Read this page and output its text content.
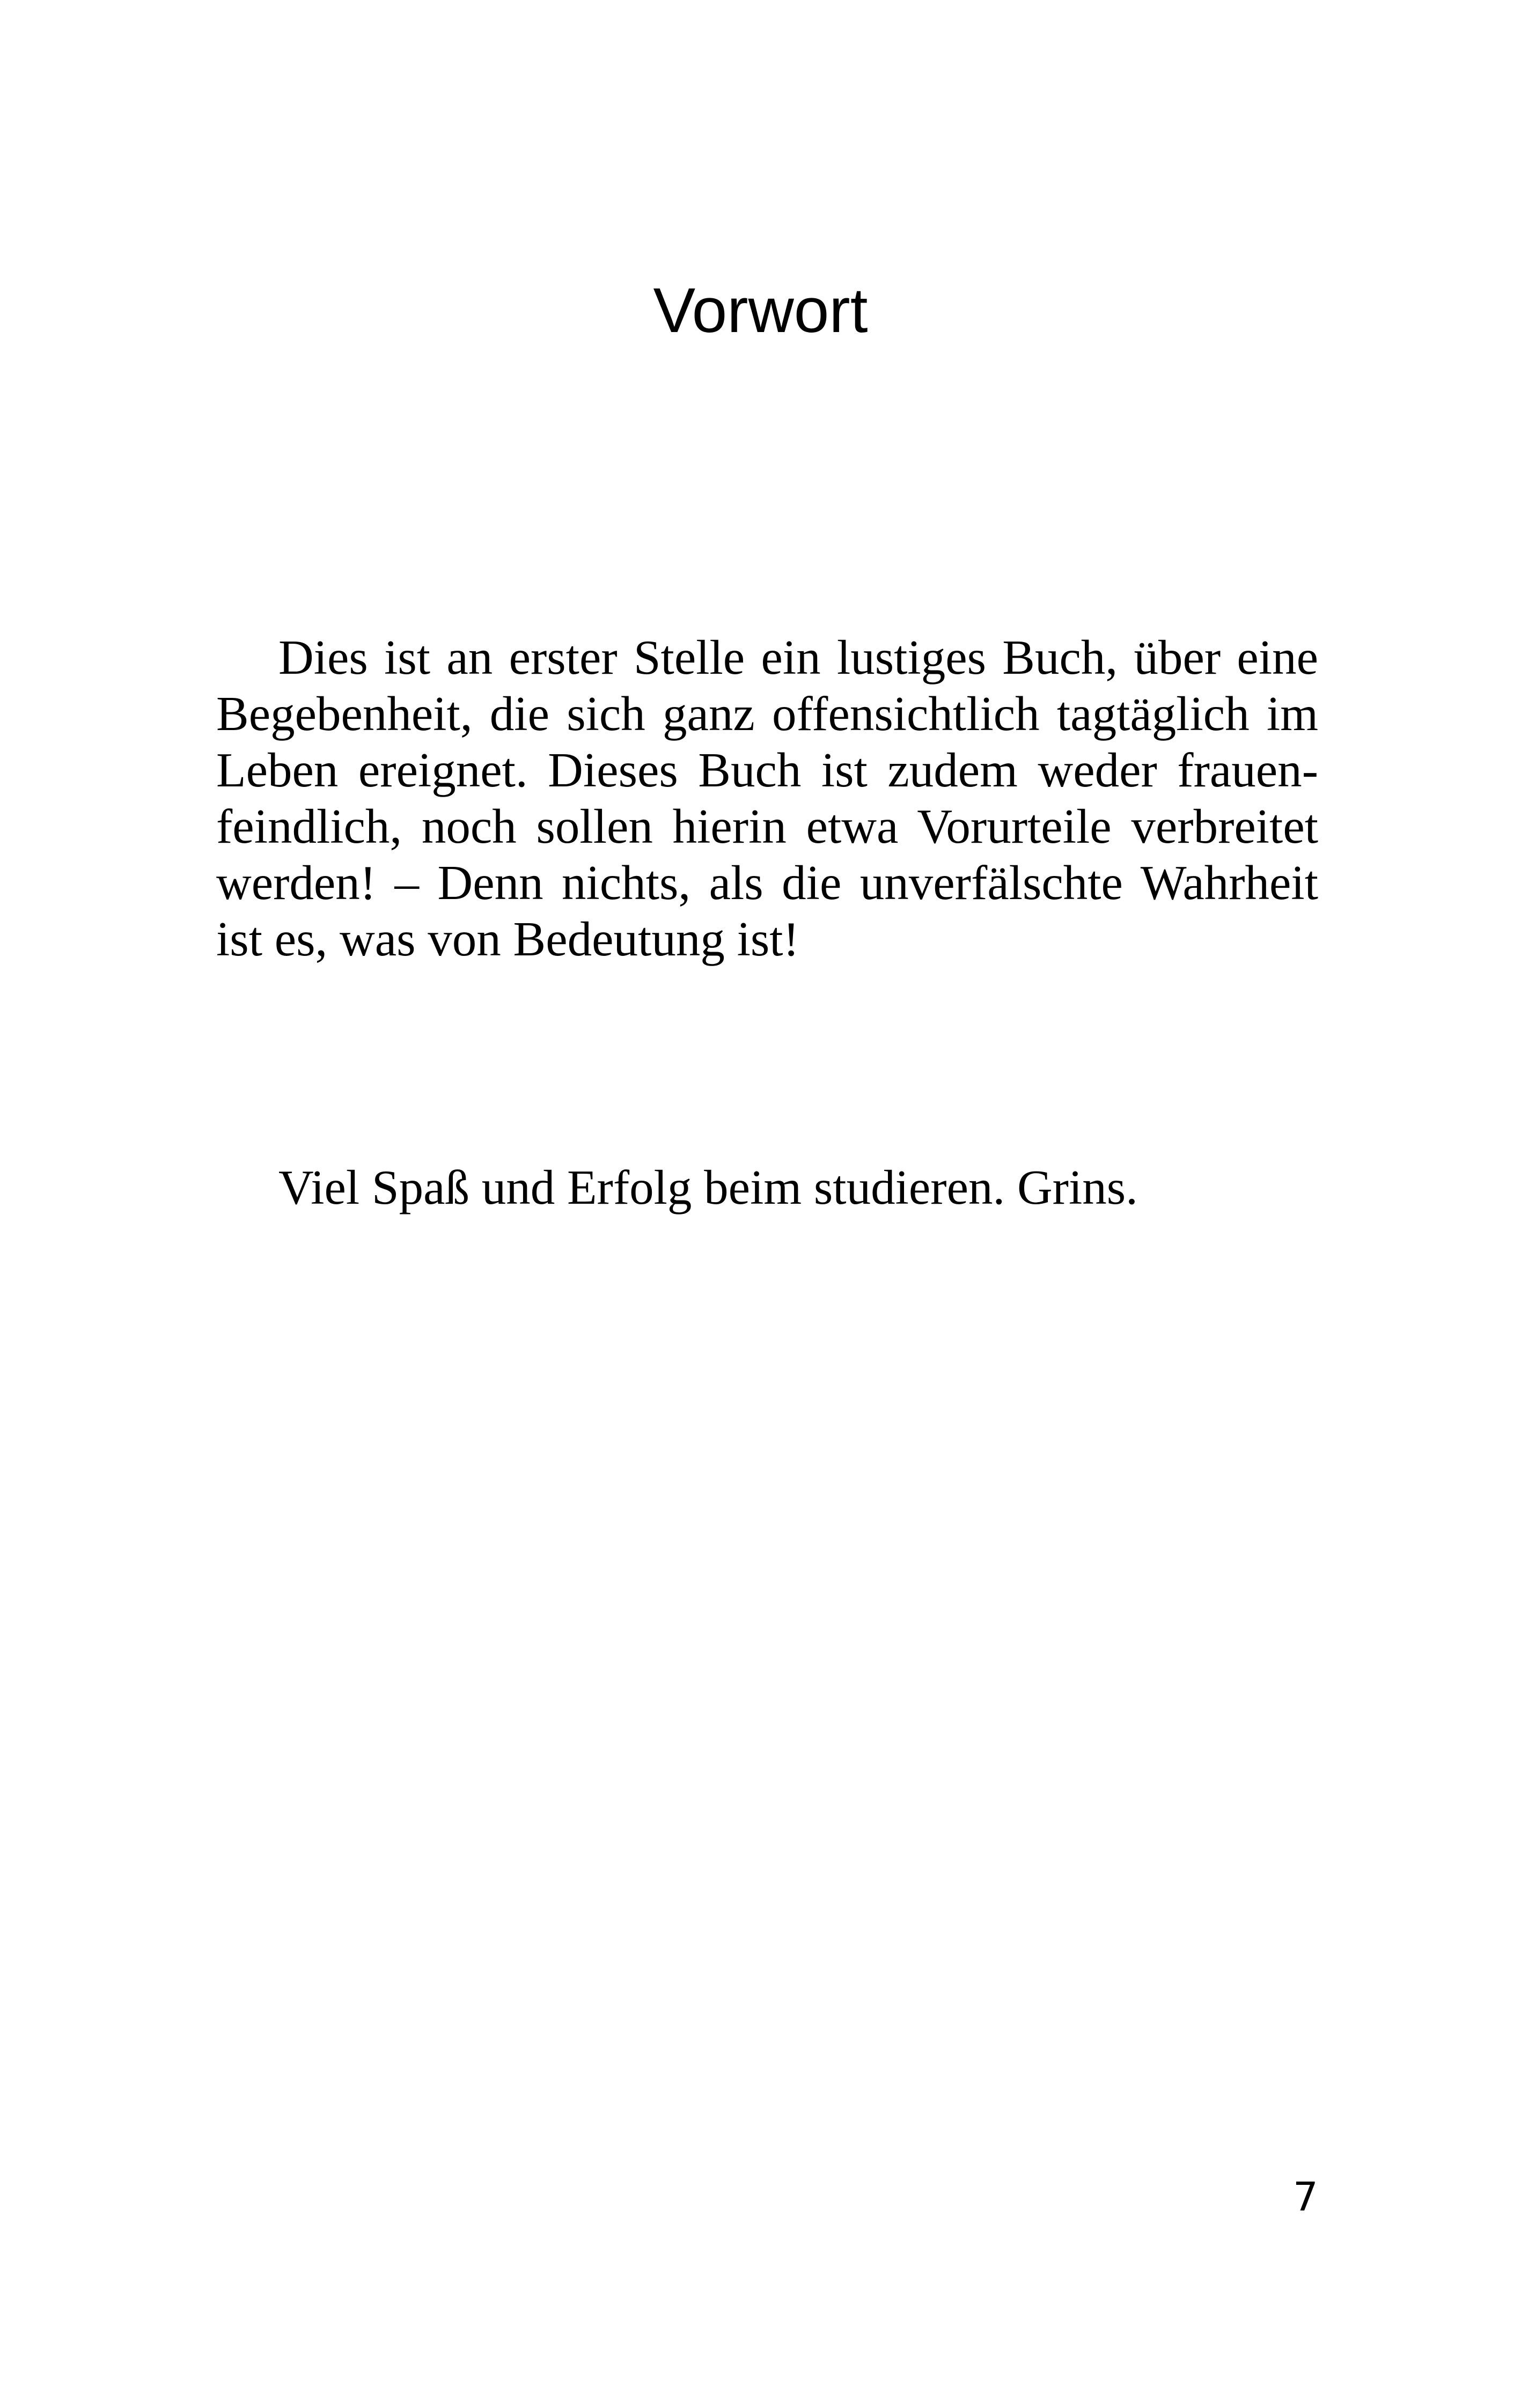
Vorwort

Dies ist an erster Stelle ein lustiges Buch, über eine Begebenheit, die sich ganz offensichtlich tagtäglich im Leben ereignet. Dieses Buch ist zudem weder frauenfeindlich, noch sollen hierin etwa Vorurteile verbreitet werden! – Denn nichts, als die unverfälschte Wahrheit ist es, was von Bedeutung ist!

Viel Spaß und Erfolg beim studieren. Grins.

7
